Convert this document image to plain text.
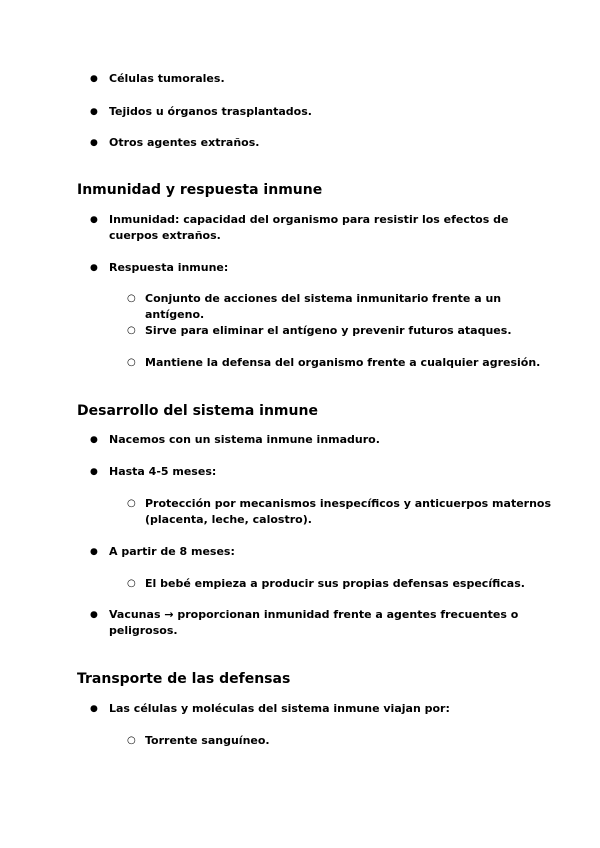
● Células tumorales.
● Tejidos u órganos trasplantados.
● Otros agentes extraños.
Inmunidad y respuesta inmune
● Inmunidad: capacidad del organismo para resistir los efectos de cuerpos extraños.
● Respuesta inmune:
○ Conjunto de acciones del sistema inmunitario frente a un antígeno.
○ Sirve para eliminar el antígeno y prevenir futuros ataques.
○ Mantiene la defensa del organismo frente a cualquier agresión.
Desarrollo del sistema inmune
● Nacemos con un sistema inmune inmaduro.
● Hasta 4-5 meses:
○ Protección por mecanismos inespecíficos y anticuerpos maternos (placenta, leche, calostro).
● A partir de 8 meses:
○ El bebé empieza a producir sus propias defensas específicas.
● Vacunas → proporcionan inmunidad frente a agentes frecuentes o peligrosos.
Transporte de las defensas
● Las células y moléculas del sistema inmune viajan por:
○ Torrente sanguíneo.
